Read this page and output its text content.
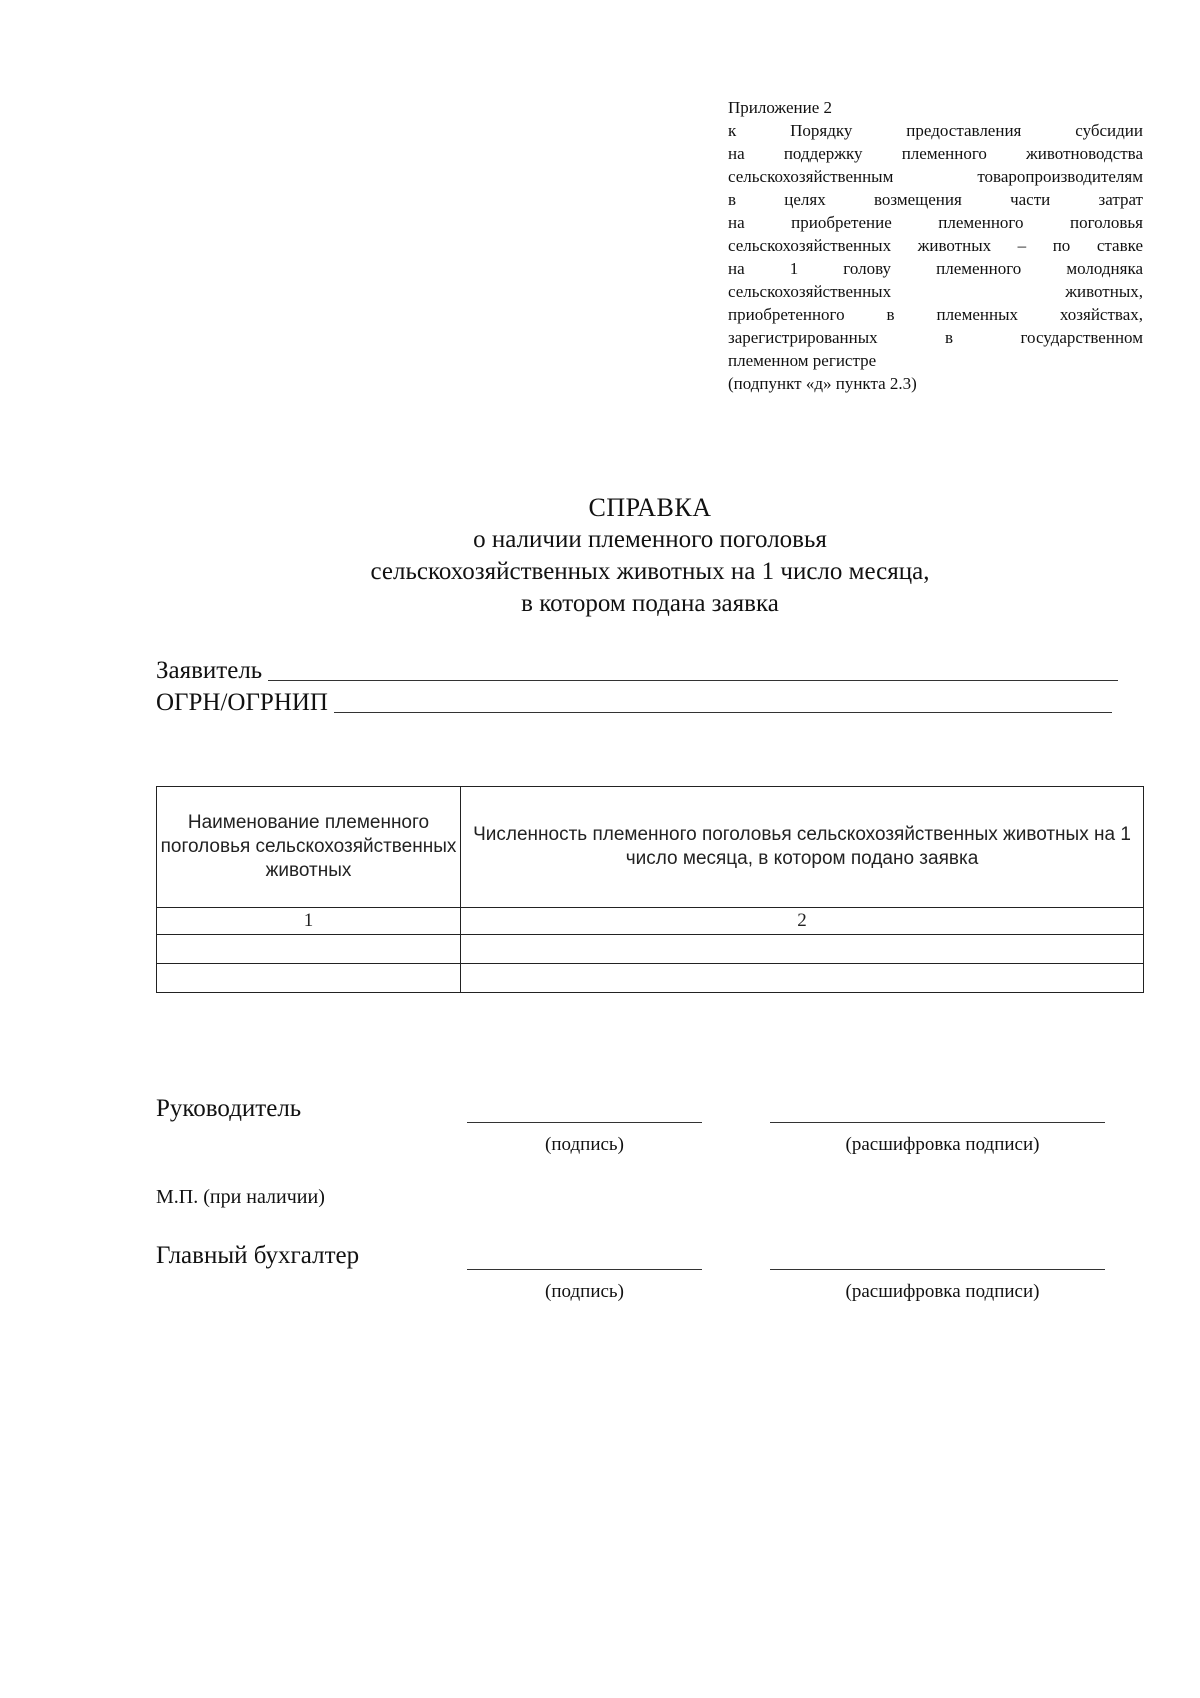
Приложение 2
к Порядку предоставления субсидии
на поддержку племенного животноводства
сельскохозяйственным товаропроизводителям
в целях возмещения части затрат
на приобретение племенного поголовья
сельскохозяйственных животных – по ставке
на 1 голову племенного молодняка
сельскохозяйственных животных,
приобретенного в племенных хозяйствах,
зарегистрированных в государственном
племенном регистре
(подпункт «д» пункта 2.3)
СПРАВКА
о наличии племенного поголовья
сельскохозяйственных животных на 1 число месяца,
в котором подана заявка
Заявитель
ОГРН/ОГРНИП
Наименование племенного поголовья сельскохозяйственных животных	Численность племенного поголовья сельскохозяйственных животных на 1 число месяца, в котором подано заявка
1	2

Руководитель
(подпись)	(расшифровка подписи)
М.П. (при наличии)
Главный бухгалтер
(подпись)	(расшифровка подписи)
